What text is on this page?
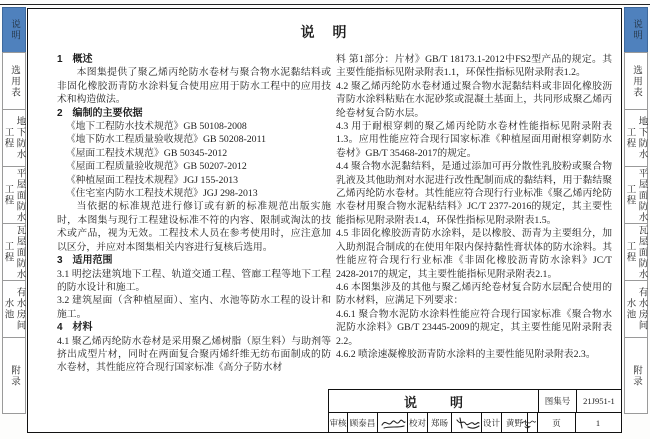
说明
选用表
地下防水
工程
平屋面防水
工程
瓦屋面防水
工程
有水房间
水池
附录
说明
选用表
地下防水
工程
平屋面防水
工程
瓦屋面防水
工程
有水房间
水池
附录
说　明

1　概述

本图集提供了聚乙烯丙纶防水卷材与聚合物水泥黏结料或非固化橡胶沥青防水涂料复合使用应用于防水工程中的应用技术和构造做法。

2　编制的主要依据

《地下工程防水技术规范》GB 50108-2008

《地下防水工程质量验收规范》GB 50208-2011

《屋面工程技术规范》GB 50345-2012

《屋面工程质量验收规范》GB 50207-2012

《种植屋面工程技术规程》JGJ 155-2013

《住宅室内防水工程技术规范》JGJ 298-2013

当依据的标准规范进行修订或有新的标准规范出版实施时，本图集与现行工程建设标准不符的内容、限制或淘汰的技术或产品，视为无效。工程技术人员在参考使用时，应注意加以区分，并应对本图集相关内容进行复核后选用。

3　适用范围

3.1 明挖法建筑地下工程、轨道交通工程、管廊工程等地下工程的防水设计和施工。

3.2 建筑屋面（含种植屋面）、室内、水池等防水工程的设计和施工。

4　材料

4.1 聚乙烯丙纶防水卷材是采用聚乙烯树脂（原生料）与助剂等挤出成型片材，同时在两面复合聚丙烯纤维无纺布面制成的防水卷材，其性能应符合现行国家标准《高分子防水材

料 第1部分：片材》GB/T 18173.1-2012中FS2型产品的规定。其主要性能指标见附录附表1.1，环保性指标见附录附表1.2。

4.2 聚乙烯丙纶防水卷材通过聚合物水泥黏结料或非固化橡胶沥青防水涂料粘贴在水泥砂浆或混凝土基面上，共同形成聚乙烯丙纶卷材复合防水层。

4.3 用于耐根穿刺的聚乙烯丙纶防水卷材性能指标见附录附表1.3。应用性能应符合现行国家标准《种植屋面用耐根穿刺防水卷材》GB/T 35468-2017的规定。

4.4 聚合物水泥黏结料，是通过添加可再分散性乳胶粉或聚合物乳液及其他助剂对水泥进行改性配制而成的黏结料，用于黏结聚乙烯丙纶防水卷材。其性能应符合现行行业标准《聚乙烯丙纶防水卷材用聚合物水泥粘结料》JC/T 2377-2016的规定，其主要性能指标见附录附表1.4，环保性指标见附录附表1.5。

4.5 非固化橡胶沥青防水涂料，是以橡胶、沥青为主要组分，加入助剂混合制成的在使用年限内保持黏性膏状体的防水涂料。其性能应符合现行行业标准《非固化橡胶沥青防水涂料》JC/T 2428-2017的规定，其主要性能指标见附录附表2.1。

4.6 本图集涉及的其他与聚乙烯丙纶卷材复合防水层配合使用的防水材料，应满足下列要求：

4.6.1 聚合物水泥防水涂料性能应符合现行国家标准《聚合物水泥防水涂料》GB/T 23445-2009的规定，其主要性能见附录附表2.2。

4.6.2 喷涂速凝橡胶沥青防水涂料的主要性能见附录附表2.3。

说　明	图集号	21J951-1
审核 顾泰昌	校对 郑旸	设计 黄野	页	1
